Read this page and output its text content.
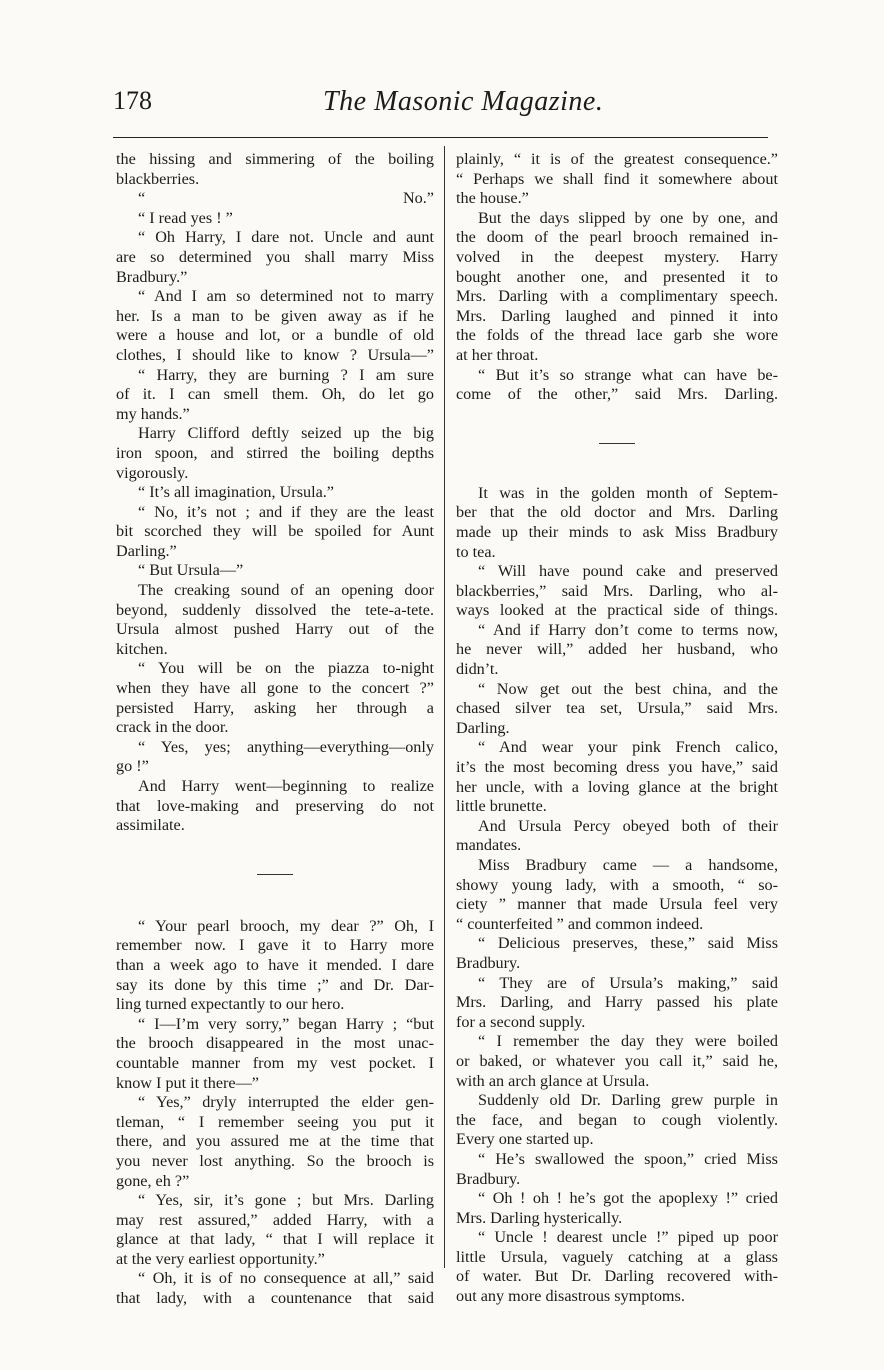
178	The Masonic Magazine.
the hissing and simmering of the boiling
blackberries.
“ No.”
“ I read yes ! ”
“ Oh Harry, I dare not. Uncle and aunt
are so determined you shall marry Miss
Bradbury.”
“ And I am so determined not to marry
her. Is a man to be given away as if he
were a house and lot, or a bundle of old
clothes, I should like to know ? Ursula—”
“ Harry, they are burning ? I am sure
of it. I can smell them. Oh, do let go
my hands.”
Harry Clifford deftly seized up the big
iron spoon, and stirred the boiling depths
vigorously.
“ It’s all imagination, Ursula.”
“ No, it’s not ; and if they are the least
bit scorched they will be spoiled for Aunt
Darling.”
“ But Ursula—”
The creaking sound of an opening door
beyond, suddenly dissolved the tete-a-tete.
Ursula almost pushed Harry out of the
kitchen.
“ You will be on the piazza to-night
when they have all gone to the concert ?”
persisted Harry, asking her through a
crack in the door.
“ Yes, yes; anything—everything—only
go !”
And Harry went—beginning to realize
that love-making and preserving do not
assimilate.
“ Your pearl brooch, my dear ?” Oh, I
remember now. I gave it to Harry more
than a week ago to have it mended. I dare
say its done by this time ;” and Dr. Dar-
ling turned expectantly to our hero.
“ I—I’m very sorry,” began Harry ; “but
the brooch disappeared in the most unac-
countable manner from my vest pocket. I
know I put it there—”
“ Yes,” dryly interrupted the elder gen-
tleman, “ I remember seeing you put it
there, and you assured me at the time that
you never lost anything. So the brooch is
gone, eh ?”
“ Yes, sir, it’s gone ; but Mrs. Darling
may rest assured,” added Harry, with a
glance at that lady, “ that I will replace it
at the very earliest opportunity.”
“ Oh, it is of no consequence at all,” said
that lady, with a countenance that said
plainly, “ it is of the greatest consequence.”
“ Perhaps we shall find it somewhere about
the house.”
But the days slipped by one by one, and
the doom of the pearl brooch remained in-
volved in the deepest mystery. Harry
bought another one, and presented it to
Mrs. Darling with a complimentary speech.
Mrs. Darling laughed and pinned it into
the folds of the thread lace garb she wore
at her throat.
“ But it’s so strange what can have be-
come of the other,” said Mrs. Darling.
It was in the golden month of Septem-
ber that the old doctor and Mrs. Darling
made up their minds to ask Miss Bradbury
to tea.
“ Will have pound cake and preserved
blackberries,” said Mrs. Darling, who al-
ways looked at the practical side of things.
“ And if Harry don’t come to terms now,
he never will,” added her husband, who
didn’t.
“ Now get out the best china, and the
chased silver tea set, Ursula,” said Mrs.
Darling.
“ And wear your pink French calico,
it’s the most becoming dress you have,” said
her uncle, with a loving glance at the bright
little brunette.
And Ursula Percy obeyed both of their
mandates.
Miss Bradbury came — a handsome,
showy young lady, with a smooth, “ so-
ciety ” manner that made Ursula feel very
“ counterfeited ” and common indeed.
“ Delicious preserves, these,” said Miss
Bradbury.
“ They are of Ursula’s making,” said
Mrs. Darling, and Harry passed his plate
for a second supply.
“ I remember the day they were boiled
or baked, or whatever you call it,” said he,
with an arch glance at Ursula.
Suddenly old Dr. Darling grew purple in
the face, and began to cough violently.
Every one started up.
“ He’s swallowed the spoon,” cried Miss
Bradbury.
“ Oh ! oh ! he’s got the apoplexy !” cried
Mrs. Darling hysterically.
“ Uncle ! dearest uncle !” piped up poor
little Ursula, vaguely catching at a glass
of water. But Dr. Darling recovered with-
out any more disastrous symptoms.
